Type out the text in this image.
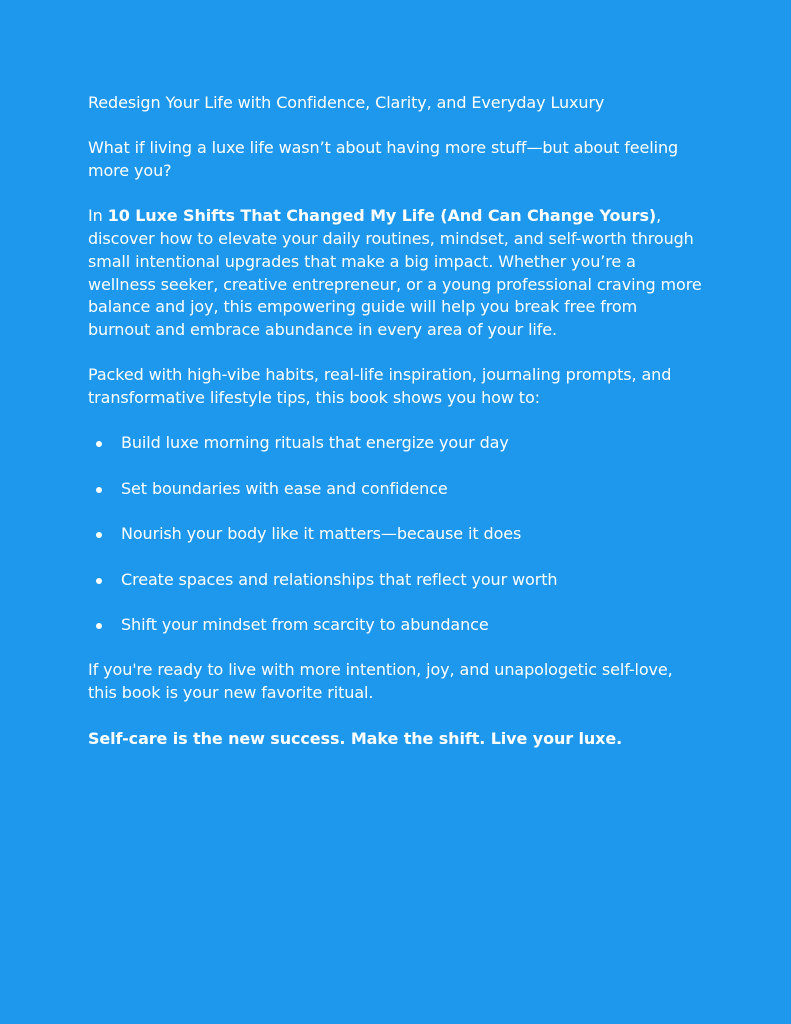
Redesign Your Life with Confidence, Clarity, and Everyday Luxury

What if living a luxe life wasn’t about having more stuff—but about feeling more you?

In 10 Luxe Shifts That Changed My Life (And Can Change Yours), discover how to elevate your daily routines, mindset, and self-worth through small intentional upgrades that make a big impact. Whether you’re a wellness seeker, creative entrepreneur, or a young professional craving more balance and joy, this empowering guide will help you break free from burnout and embrace abundance in every area of your life.

Packed with high-vibe habits, real-life inspiration, journaling prompts, and transformative lifestyle tips, this book shows you how to:

Build luxe morning rituals that energize your day
Set boundaries with ease and confidence
Nourish your body like it matters—because it does
Create spaces and relationships that reflect your worth
Shift your mindset from scarcity to abundance

If you're ready to live with more intention, joy, and unapologetic self-love, this book is your new favorite ritual.

Self-care is the new success. Make the shift. Live your luxe.
